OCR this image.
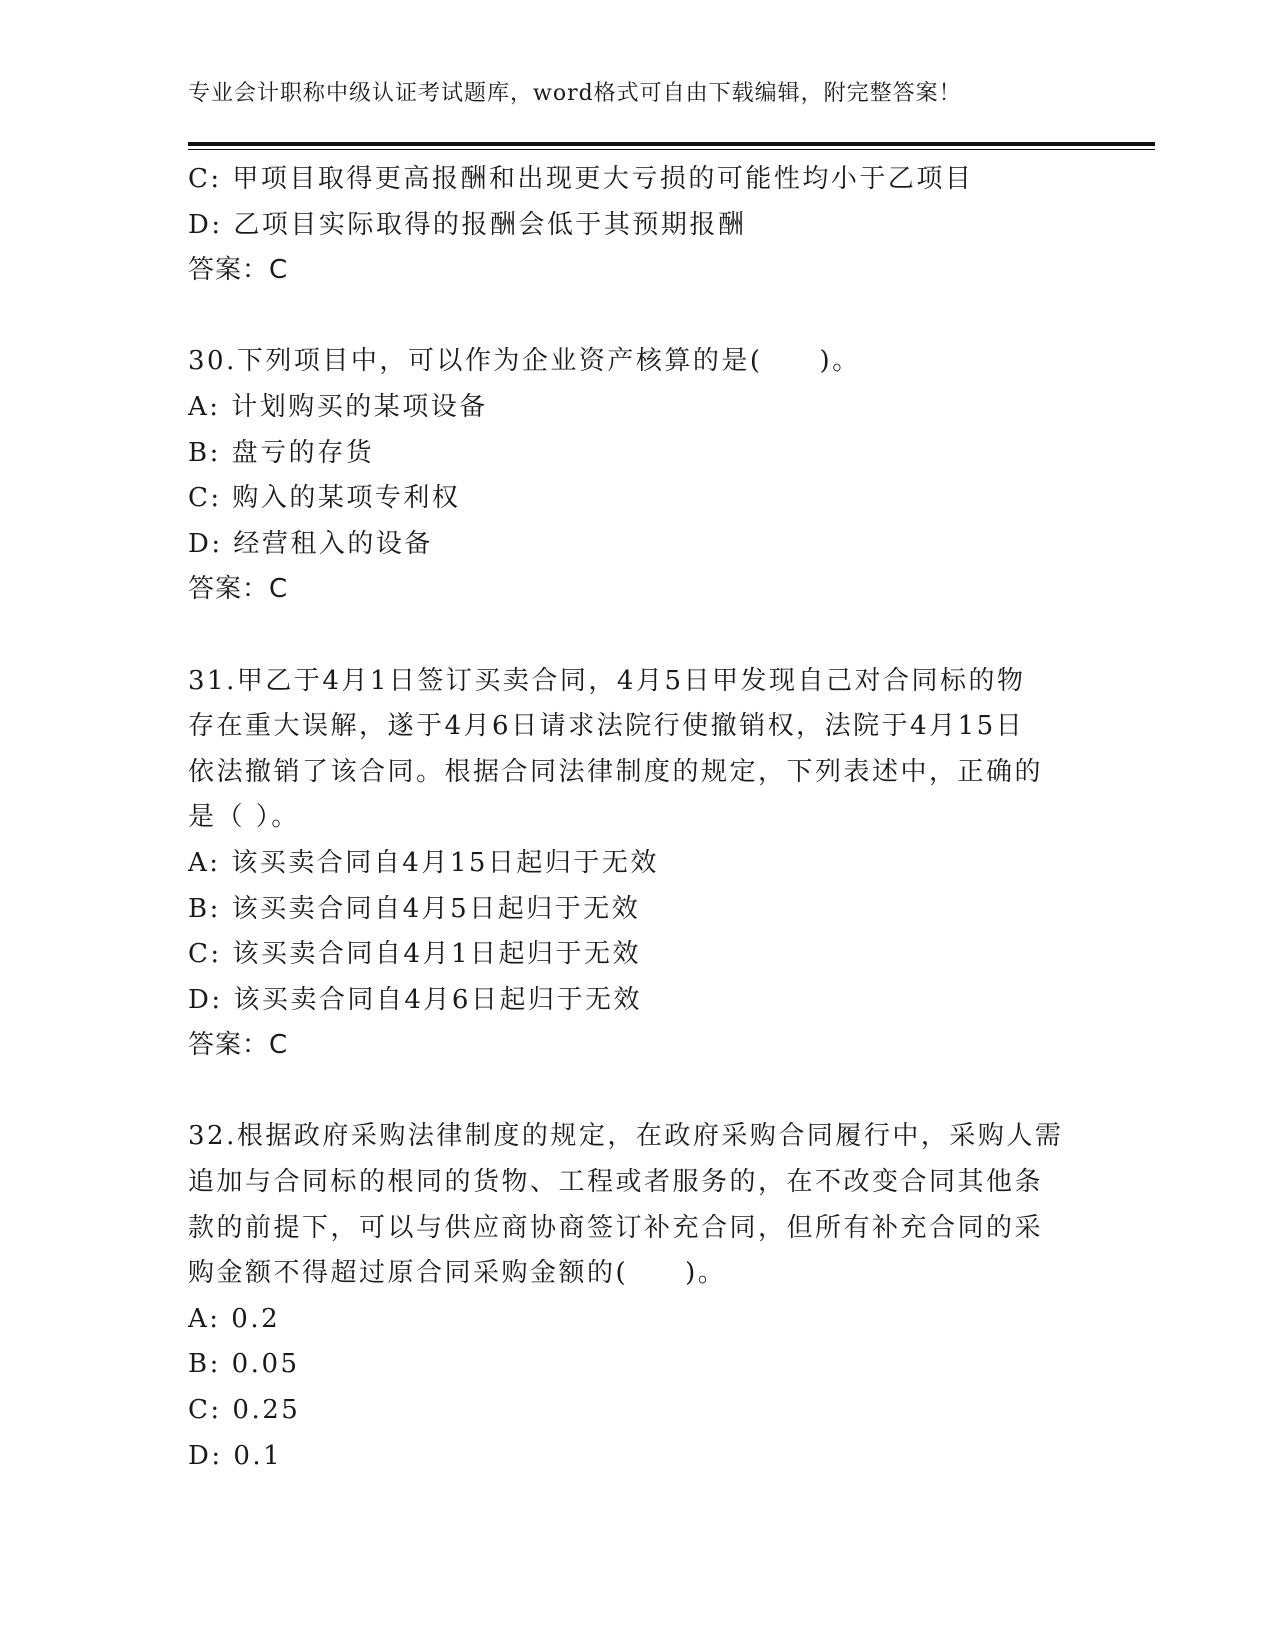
专业会计职称中级认证考试题库，word格式可自由下载编辑，附完整答案！
C: 甲项目取得更高报酬和出现更大亏损的可能性均小于乙项目
D: 乙项目实际取得的报酬会低于其预期报酬
答案：C
30.下列项目中，可以作为企业资产核算的是(　　)。
A: 计划购买的某项设备
B: 盘亏的存货
C: 购入的某项专利权
D: 经营租入的设备
答案：C
31.甲乙于4月1日签订买卖合同，4月5日甲发现自己对合同标的物
存在重大误解，遂于4月6日请求法院行使撤销权，法院于4月15日
依法撤销了该合同。根据合同法律制度的规定，下列表述中，正确的
是（ ）。
A: 该买卖合同自4月15日起归于无效
B: 该买卖合同自4月5日起归于无效
C: 该买卖合同自4月1日起归于无效
D: 该买卖合同自4月6日起归于无效
答案：C
32.根据政府采购法律制度的规定，在政府采购合同履行中，采购人需
追加与合同标的根同的货物、工程或者服务的，在不改变合同其他条
款的前提下，可以与供应商协商签订补充合同，但所有补充合同的采
购金额不得超过原合同采购金额的(　　)。
A: 0.2
B: 0.05
C: 0.25
D: 0.1
